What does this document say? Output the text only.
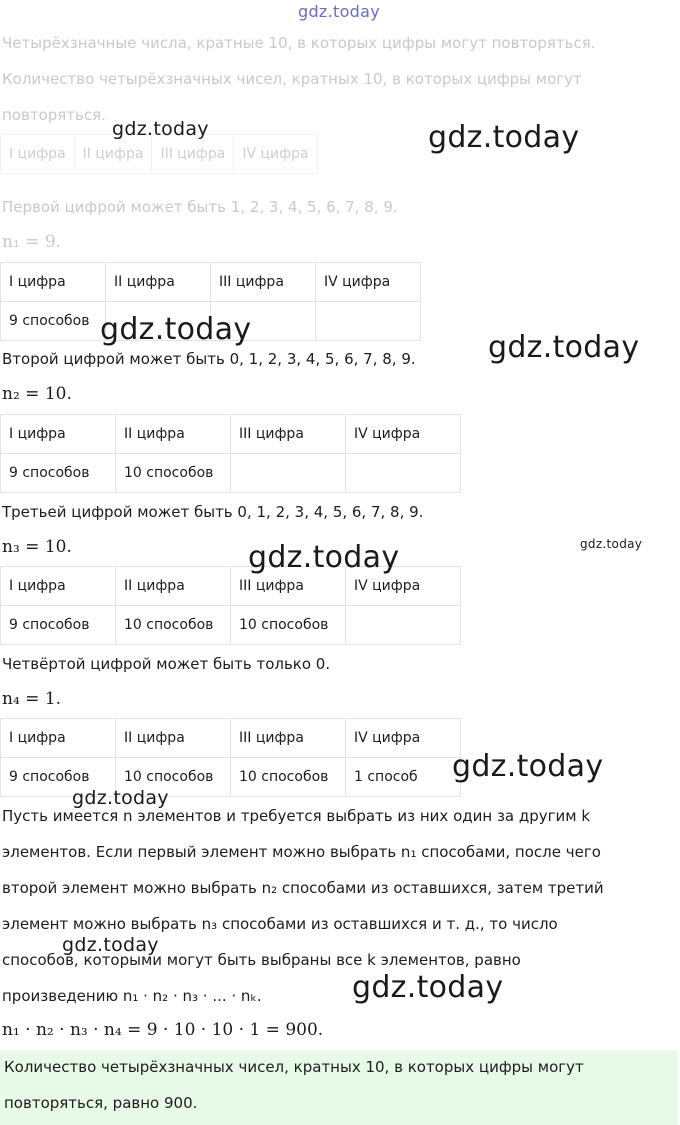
gdz.today
Четырёхзначные числа, кратные 10, в которых цифры могут повторяться.
Количество четырёхзначных чисел, кратных 10, в которых цифры могут
повторяться.
I цифра	II цифра	III цифра	IV цифра
Первой цифрой может быть 1, 2, 3, 4, 5, 6, 7, 8, 9.
n₁ = 9.
I цифра	II цифра	III цифра	IV цифра
9 способов			
Второй цифрой может быть 0, 1, 2, 3, 4, 5, 6, 7, 8, 9.
n₂ = 10.
I цифра	II цифра	III цифра	IV цифра
9 способов	10 способов		
Третьей цифрой может быть 0, 1, 2, 3, 4, 5, 6, 7, 8, 9.
n₃ = 10.
I цифра	II цифра	III цифра	IV цифра
9 способов	10 способов	10 способов	
Четвёртой цифрой может быть только 0.
n₄ = 1.
I цифра	II цифра	III цифра	IV цифра
9 способов	10 способов	10 способов	1 способ
Пусть имеется n элементов и требуется выбрать из них один за другим k
элементов. Если первый элемент можно выбрать n₁ способами, после чего
второй элемент можно выбрать n₂ способами из оставшихся, затем третий
элемент можно выбрать n₃ способами из оставшихся и т. д., то число
способов, которыми могут быть выбраны все k элементов, равно
произведению n₁ · n₂ · n₃ · ... · nₖ.
n₁ · n₂ · n₃ · n₄ = 9 · 10 · 10 · 1 = 900.
Количество четырёхзначных чисел, кратных 10, в которых цифры могут
повторяться, равно 900.
gdz.today	gdz.today
gdz.today
gdz.today
gdz.today	gdz.today
gdz.today
gdz.today
gdz.today
gdz.today
